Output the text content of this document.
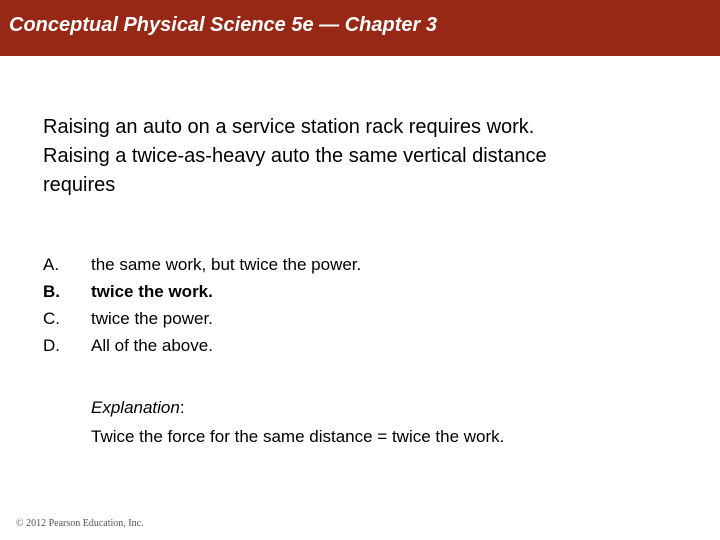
Conceptual Physical Science 5e — Chapter 3
Raising an auto on a service station rack requires work.
Raising a twice-as-heavy auto the same vertical distance
requires
A. the same work, but twice the power.
B. twice the work.
C. twice the power.
D. All of the above.
Explanation:
Twice the force for the same distance = twice the work.
© 2012 Pearson Education, Inc.
